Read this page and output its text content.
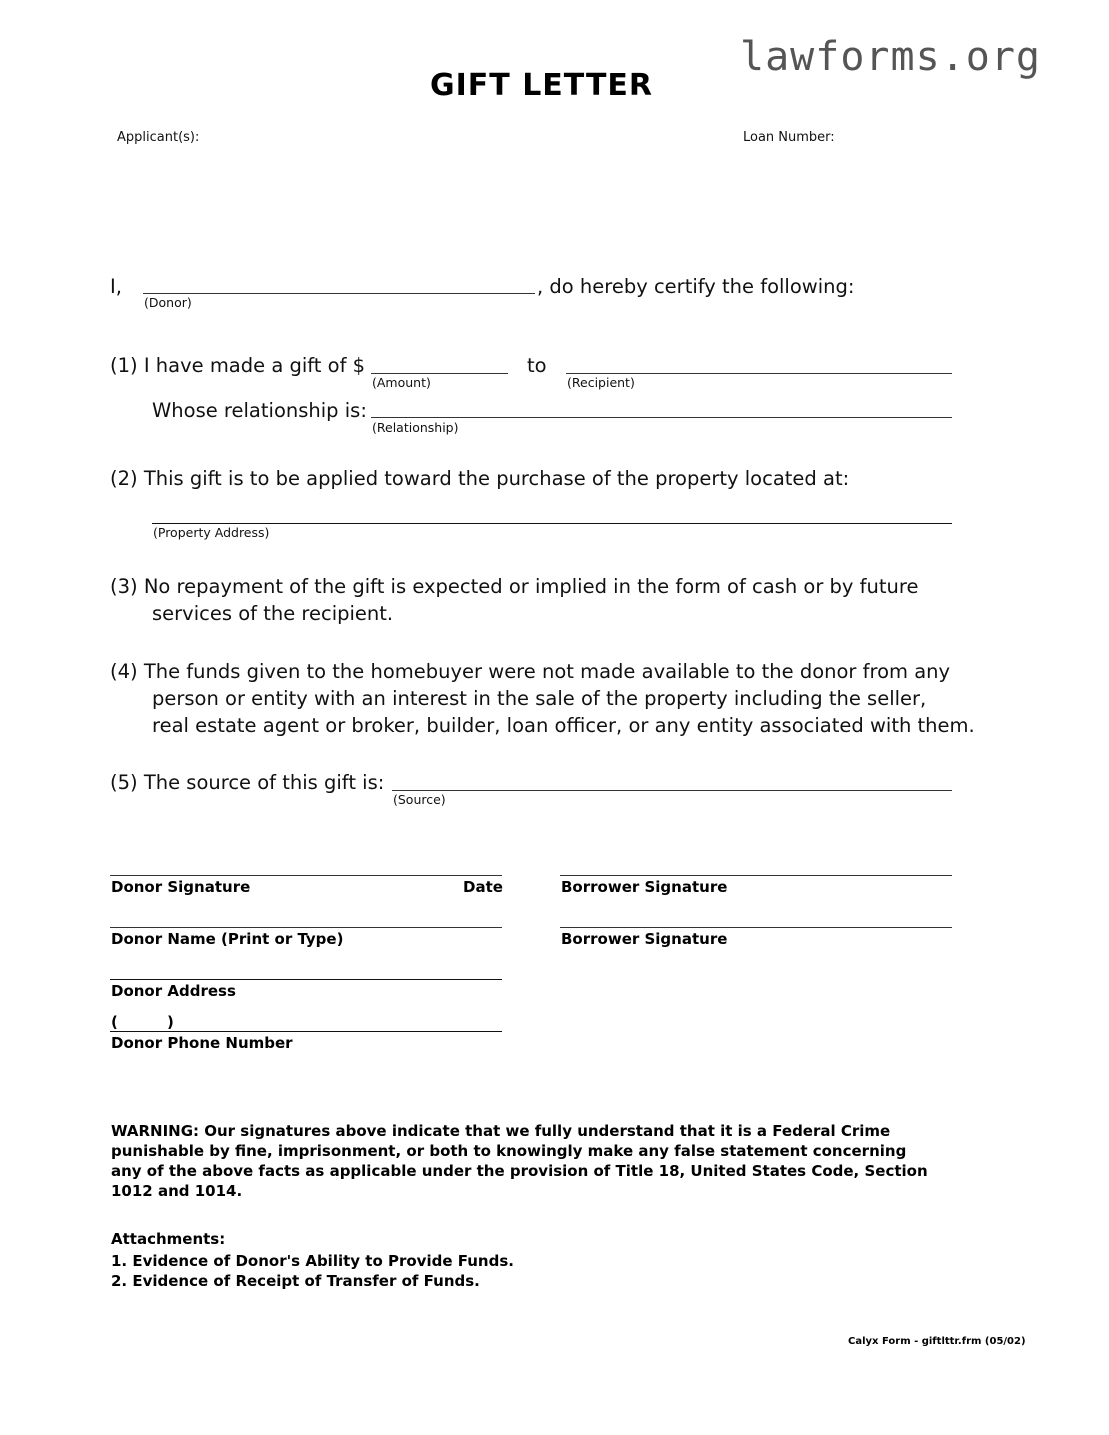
lawforms.org
GIFT LETTER
Applicant(s):	Loan Number:
I,	, do hereby certify the following:
(Donor)
(1) I have made a gift of $
(Amount)
to
(Recipient)
Whose relationship is:
(Relationship)
(2) This gift is to be applied toward the purchase of the property located at:
(Property Address)
(3) No repayment of the gift is expected or implied in the form of cash or by future
services of the recipient.
(4) The funds given to the homebuyer were not made available to the donor from any
person or entity with an interest in the sale of the property including the seller,
real estate agent or broker, builder, loan officer, or any entity associated with them.
(5) The source of this gift is:
(Source)
Donor Signature	Date	Borrower Signature
Donor Name (Print or Type)	Borrower Signature
Donor Address
(	)
Donor Phone Number
WARNING: Our signatures above indicate that we fully understand that it is a Federal Crime punishable by fine, imprisonment, or both to knowingly make any false statement concerning any of the above facts as applicable under the provision of Title 18, United States Code, Section 1012 and 1014.
Attachments:
1. Evidence of Donor's Ability to Provide Funds.
2. Evidence of Receipt of Transfer of Funds.
Calyx Form - giftlttr.frm (05/02)
